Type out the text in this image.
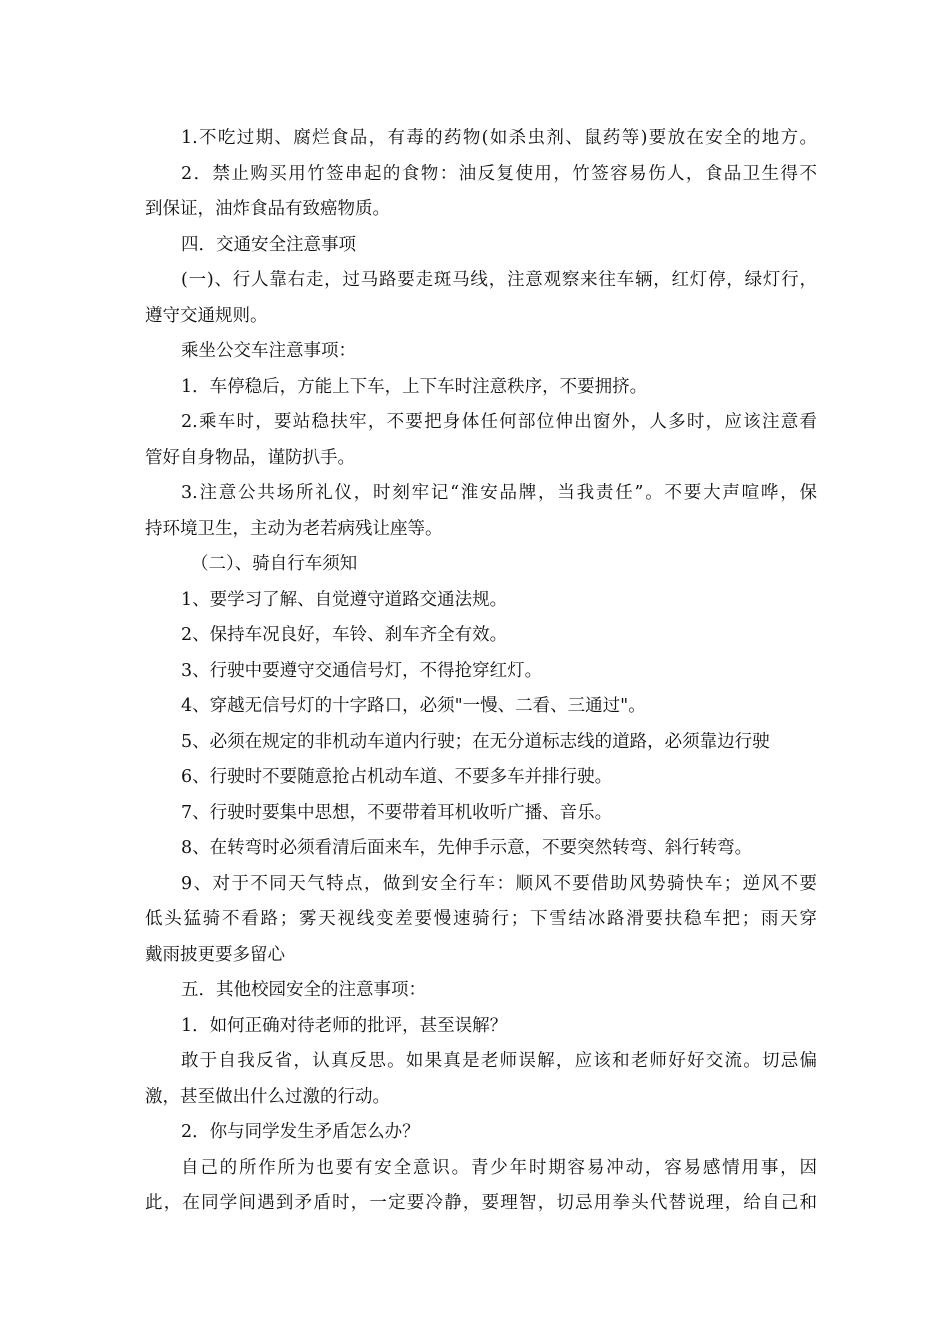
1.不吃过期、腐烂食品，有毒的药物(如杀虫剂、鼠药等)要放在安全的地方。
2．禁止购买用竹签串起的食物：油反复使用，竹签容易伤人，食品卫生得不
到保证，油炸食品有致癌物质。
四．交通安全注意事项
(一)、行人靠右走，过马路要走斑马线，注意观察来往车辆，红灯停，绿灯行，
遵守交通规则。
乘坐公交车注意事项：
1．车停稳后，方能上下车，上下车时注意秩序，不要拥挤。
2.乘车时，要站稳扶牢，不要把身体任何部位伸出窗外，人多时，应该注意看
管好自身物品，谨防扒手。
3.注意公共场所礼仪，时刻牢记“淮安品牌，当我责任”。不要大声喧哗，保
持环境卫生，主动为老若病残让座等。
（二）、骑自行车须知
1、要学习了解、自觉遵守道路交通法规。
2、保持车况良好，车铃、刹车齐全有效。
3、行驶中要遵守交通信号灯，不得抢穿红灯。
4、穿越无信号灯的十字路口，必须"一慢、二看、三通过"。
5、必须在规定的非机动车道内行驶；在无分道标志线的道路，必须靠边行驶
6、行驶时不要随意抢占机动车道、不要多车并排行驶。
7、行驶时要集中思想，不要带着耳机收听广播、音乐。
8、在转弯时必须看清后面来车，先伸手示意，不要突然转弯、斜行转弯。
9、对于不同天气特点，做到安全行车：顺风不要借助风势骑快车；逆风不要
低头猛骑不看路；雾天视线变差要慢速骑行；下雪结冰路滑要扶稳车把；雨天穿
戴雨披更要多留心
五．其他校园安全的注意事项：
1．如何正确对待老师的批评，甚至误解？
敢于自我反省，认真反思。如果真是老师误解，应该和老师好好交流。切忌偏
激，甚至做出什么过激的行动。
2．你与同学发生矛盾怎么办？
自己的所作所为也要有安全意识。青少年时期容易冲动，容易感情用事，因
此，在同学间遇到矛盾时，一定要冷静，要理智，切忌用拳头代替说理，给自己和
